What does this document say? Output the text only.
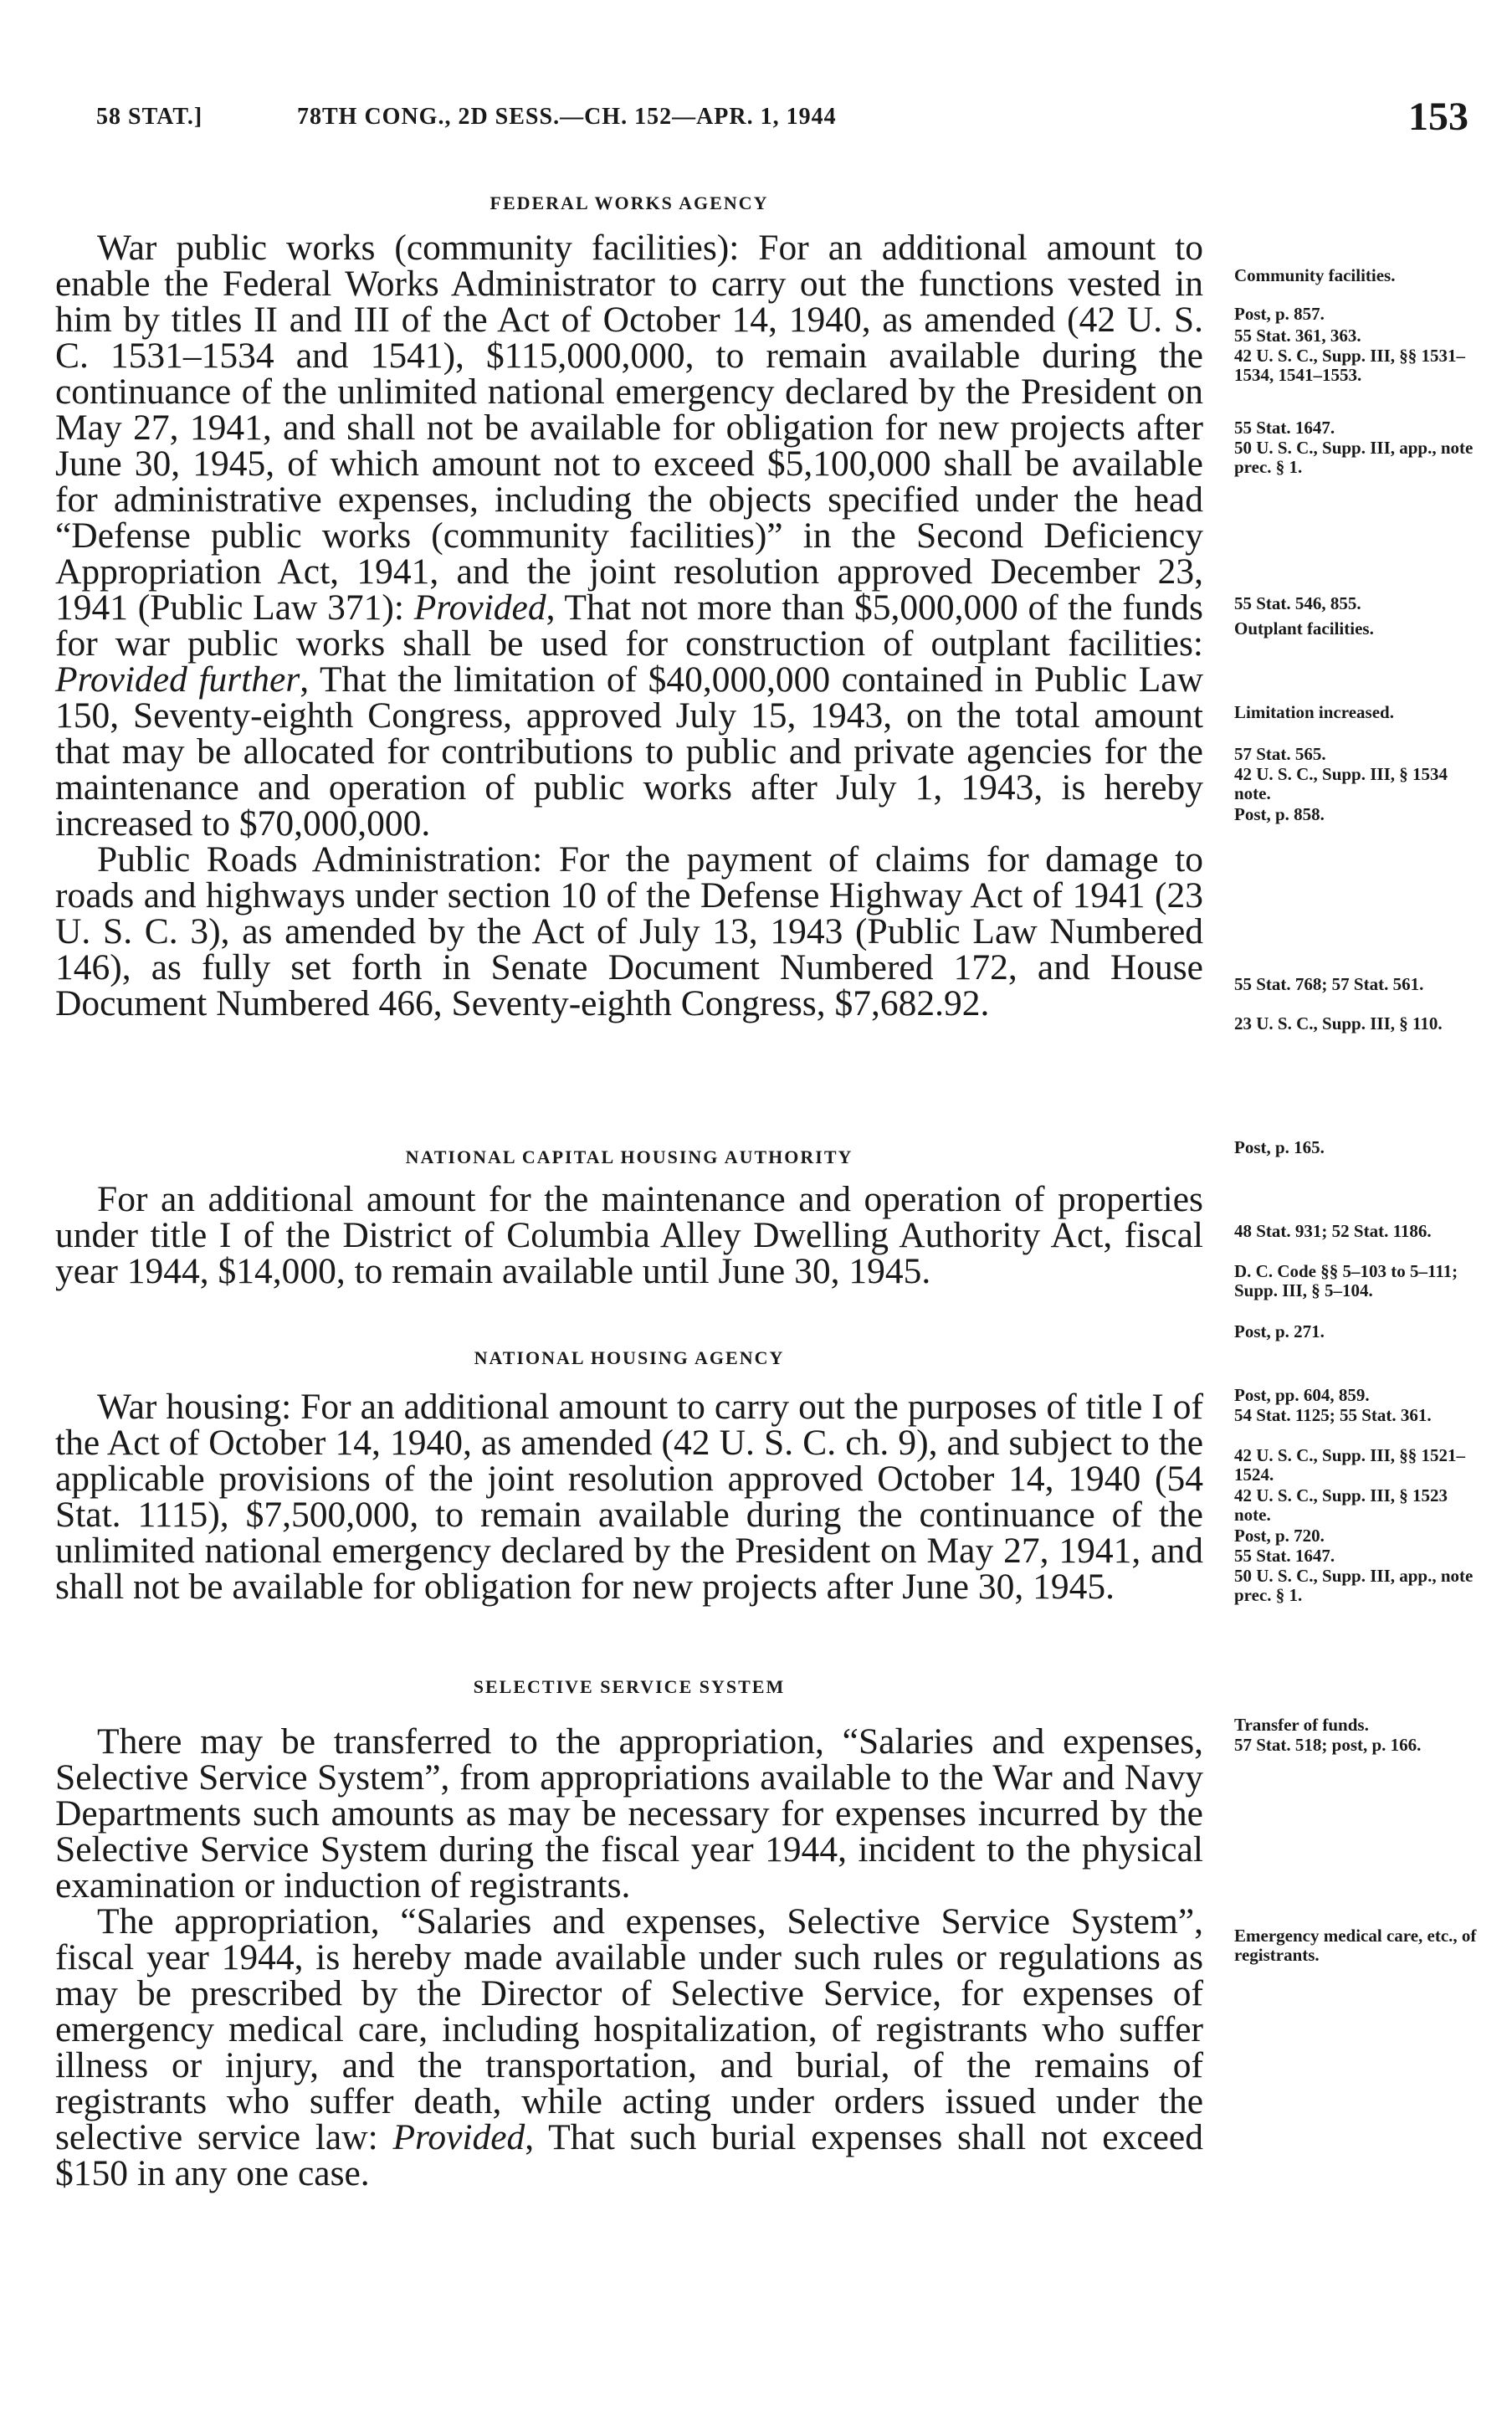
58 STAT.]	78TH CONG., 2D SESS.—CH. 152—APR. 1, 1944	153
FEDERAL WORKS AGENCY

War public works (community facilities): For an additional amount to enable the Federal Works Administrator to carry out the functions vested in him by titles II and III of the Act of October 14, 1940, as amended (42 U. S. C. 1531–1534 and 1541), $115,000,000, to remain available during the continuance of the unlimited national emergency declared by the President on May 27, 1941, and shall not be available for obligation for new projects after June 30, 1945, of which amount not to exceed $5,100,000 shall be available for administrative expenses, including the objects specified under the head “Defense public works (community facilities)” in the Second Deficiency Appropriation Act, 1941, and the joint resolution approved December 23, 1941 (Public Law 371): Provided, That not more than $5,000,000 of the funds for war public works shall be used for construction of outplant facilities: Provided further, That the limitation of $40,000,000 contained in Public Law 150, Seventy-eighth Congress, approved July 15, 1943, on the total amount that may be allocated for contributions to public and private agencies for the maintenance and operation of public works after July 1, 1943, is hereby increased to $70,000,000.

Public Roads Administration: For the payment of claims for damage to roads and highways under section 10 of the Defense Highway Act of 1941 (23 U. S. C. 3), as amended by the Act of July 13, 1943 (Public Law Numbered 146), as fully set forth in Senate Document Numbered 172, and House Document Numbered 466, Seventy-eighth Congress, $7,682.92.

NATIONAL CAPITAL HOUSING AUTHORITY

For an additional amount for the maintenance and operation of properties under title I of the District of Columbia Alley Dwelling Authority Act, fiscal year 1944, $14,000, to remain available until June 30, 1945.

NATIONAL HOUSING AGENCY

War housing: For an additional amount to carry out the purposes of title I of the Act of October 14, 1940, as amended (42 U. S. C. ch. 9), and subject to the applicable provisions of the joint resolution approved October 14, 1940 (54 Stat. 1115), $7,500,000, to remain available during the continuance of the unlimited national emergency declared by the President on May 27, 1941, and shall not be available for obligation for new projects after June 30, 1945.

SELECTIVE SERVICE SYSTEM

There may be transferred to the appropriation, “Salaries and expenses, Selective Service System”, from appropriations available to the War and Navy Departments such amounts as may be necessary for expenses incurred by the Selective Service System during the fiscal year 1944, incident to the physical examination or induction of registrants.

The appropriation, “Salaries and expenses, Selective Service System”, fiscal year 1944, is hereby made available under such rules or regulations as may be prescribed by the Director of Selective Service, for expenses of emergency medical care, including hospitalization, of registrants who suffer illness or injury, and the transportation, and burial, of the remains of registrants who suffer death, while acting under orders issued under the selective service law: Provided, That such burial expenses shall not exceed $150 in any one case.

Community facilities.
Post, p. 857.
55 Stat. 361, 363.
42 U. S. C., Supp. III, §§ 1531–1534, 1541–1553.
55 Stat. 1647.
50 U. S. C., Supp. III, app., note prec. § 1.
55 Stat. 546, 855.
Outplant facilities.
Limitation increased.
57 Stat. 565.
42 U. S. C., Supp. III, § 1534 note.
Post, p. 858.
55 Stat. 768; 57 Stat. 561.
23 U. S. C., Supp. III, § 110.
Post, p. 165.
48 Stat. 931; 52 Stat. 1186.
D. C. Code §§ 5–103 to 5–111; Supp. III, § 5–104.
Post, p. 271.
Post, pp. 604, 859.
54 Stat. 1125; 55 Stat. 361.
42 U. S. C., Supp. III, §§ 1521–1524.
42 U. S. C., Supp. III, § 1523 note.
Post, p. 720.
55 Stat. 1647.
50 U. S. C., Supp. III, app., note prec. § 1.
Transfer of funds.
57 Stat. 518; post, p. 166.
Emergency medical care, etc., of registrants.
